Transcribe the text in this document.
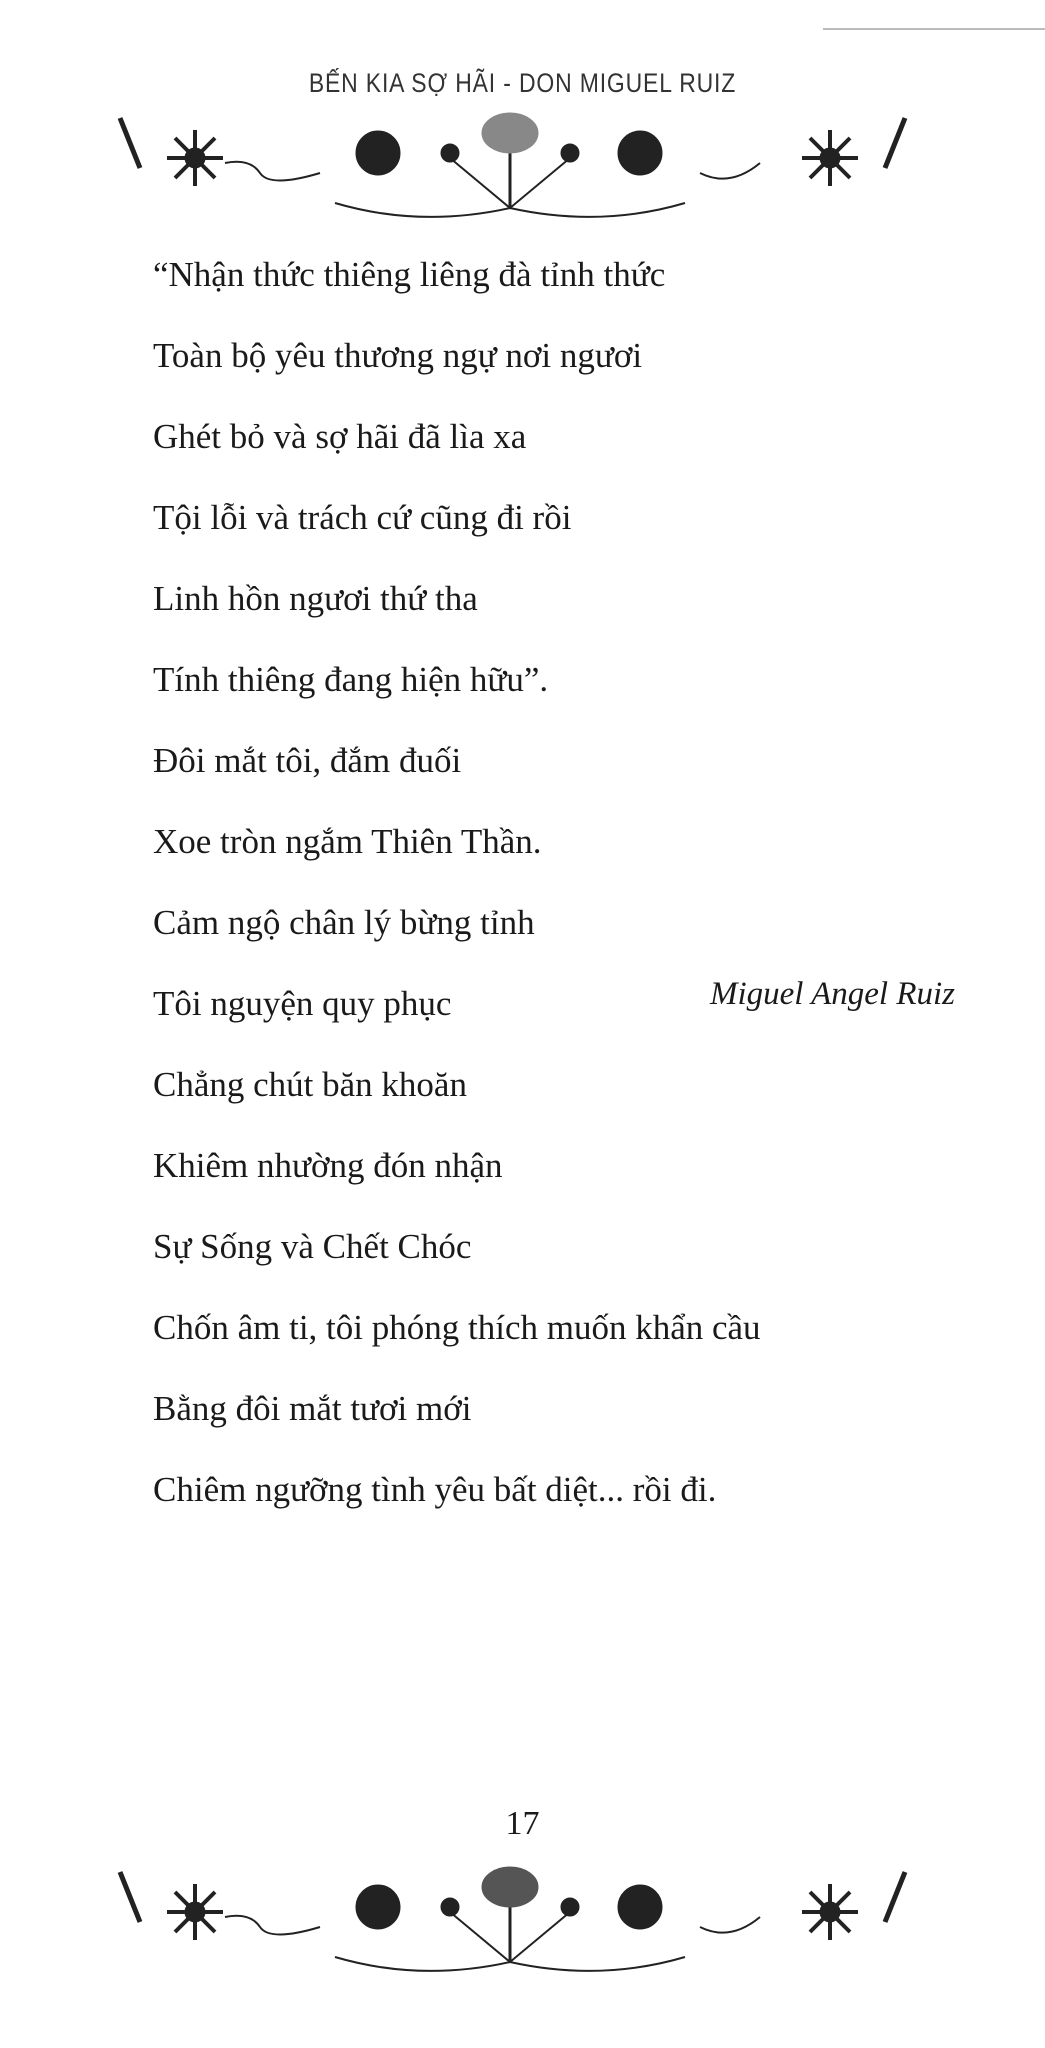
BẾN KIA SỢ HÃI - DON MIGUEL RUIZ
“Nhận thức thiêng liêng đà tỉnh thức
Toàn bộ yêu thương ngự nơi ngươi
Ghét bỏ và sợ hãi đã lìa xa
Tội lỗi và trách cứ cũng đi rồi
Linh hồn ngươi thứ tha
Tính thiêng đang hiện hữu”.
Đôi mắt tôi, đắm đuối
Xoe tròn ngắm Thiên Thần.
Cảm ngộ chân lý bừng tỉnh
Tôi nguyện quy phục
Chẳng chút băn khoăn
Khiêm nhường đón nhận
Sự Sống và Chết Chóc
Chốn âm ti, tôi phóng thích muốn khẩn cầu
Bằng đôi mắt tươi mới
Chiêm ngưỡng tình yêu bất diệt... rồi đi.
Miguel Angel Ruiz
17
